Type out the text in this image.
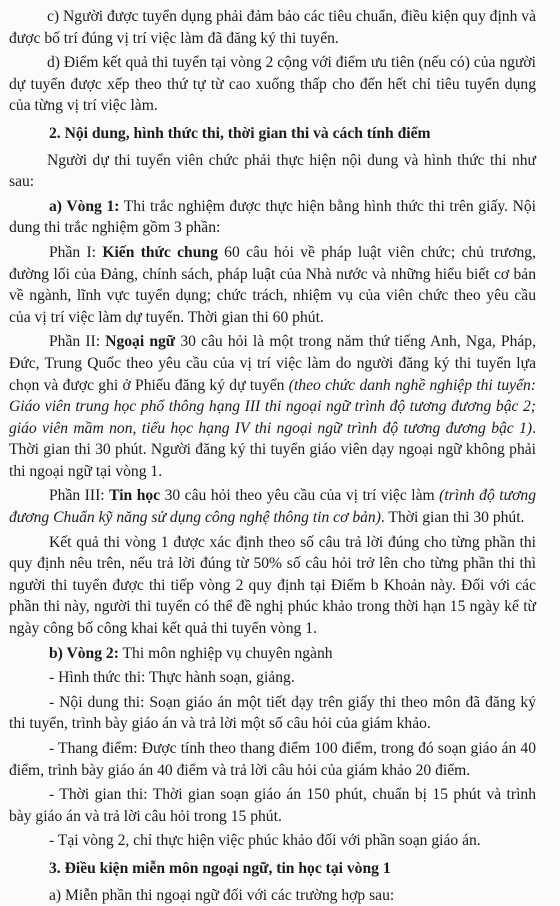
c) Người được tuyển dụng phải đảm bảo các tiêu chuẩn, điều kiện quy định và được bố trí đúng vị trí việc làm đã đăng ký thi tuyển.

d) Điểm kết quả thi tuyển tại vòng 2 cộng với điểm ưu tiên (nếu có) của người dự tuyển được xếp theo thứ tự từ cao xuống thấp cho đến hết chỉ tiêu tuyển dụng của từng vị trí việc làm.

2. Nội dung, hình thức thi, thời gian thi và cách tính điểm

Người dự thi tuyển viên chức phải thực hiện nội dung và hình thức thi như sau:

a) Vòng 1: Thi trắc nghiệm được thực hiện bằng hình thức thi trên giấy. Nội dung thi trắc nghiệm gồm 3 phần:

Phần I: Kiến thức chung 60 câu hỏi về pháp luật viên chức; chủ trương, đường lối của Đảng, chính sách, pháp luật của Nhà nước và những hiểu biết cơ bản về ngành, lĩnh vực tuyển dụng; chức trách, nhiệm vụ của viên chức theo yêu cầu của vị trí việc làm dự tuyển. Thời gian thi 60 phút.

Phần II: Ngoại ngữ 30 câu hỏi là một trong năm thứ tiếng Anh, Nga, Pháp, Đức, Trung Quốc theo yêu cầu của vị trí việc làm do người đăng ký thi tuyển lựa chọn và được ghi ở Phiếu đăng ký dự tuyển (theo chức danh nghề nghiệp thi tuyển: Giáo viên trung học phổ thông hạng III thi ngoại ngữ trình độ tương đương bậc 2; giáo viên mầm non, tiểu học hạng IV thi ngoại ngữ trình độ tương đương bậc 1). Thời gian thi 30 phút. Người đăng ký thi tuyển giáo viên dạy ngoại ngữ không phải thi ngoại ngữ tại vòng 1.

Phần III: Tin học 30 câu hỏi theo yêu cầu của vị trí việc làm (trình độ tương đương Chuẩn kỹ năng sử dụng công nghệ thông tin cơ bản). Thời gian thi 30 phút.

Kết quả thi vòng 1 được xác định theo số câu trả lời đúng cho từng phần thi quy định nêu trên, nếu trả lời đúng từ 50% số câu hỏi trở lên cho từng phần thi thì người thi tuyển được thi tiếp vòng 2 quy định tại Điểm b Khoản này. Đối với các phần thi này, người thi tuyển có thể đề nghị phúc khảo trong thời hạn 15 ngày kể từ ngày công bố công khai kết quả thi tuyển vòng 1.

b) Vòng 2: Thi môn nghiệp vụ chuyên ngành

- Hình thức thi: Thực hành soạn, giảng.

- Nội dung thi: Soạn giáo án một tiết dạy trên giấy thi theo môn đã đăng ký thi tuyển, trình bày giáo án và trả lời một số câu hỏi của giám khảo.

- Thang điểm: Được tính theo thang điểm 100 điểm, trong đó soạn giáo án 40 điểm, trình bày giáo án 40 điểm và trả lời câu hỏi của giám khảo 20 điểm.

- Thời gian thi: Thời gian soạn giáo án 150 phút, chuẩn bị 15 phút và trình bày giáo án và trả lời câu hỏi trong 15 phút.

- Tại vòng 2, chỉ thực hiện việc phúc khảo đối với phần soạn giáo án.

3. Điều kiện miễn môn ngoại ngữ, tin học tại vòng 1

a) Miễn phần thi ngoại ngữ đối với các trường hợp sau:
